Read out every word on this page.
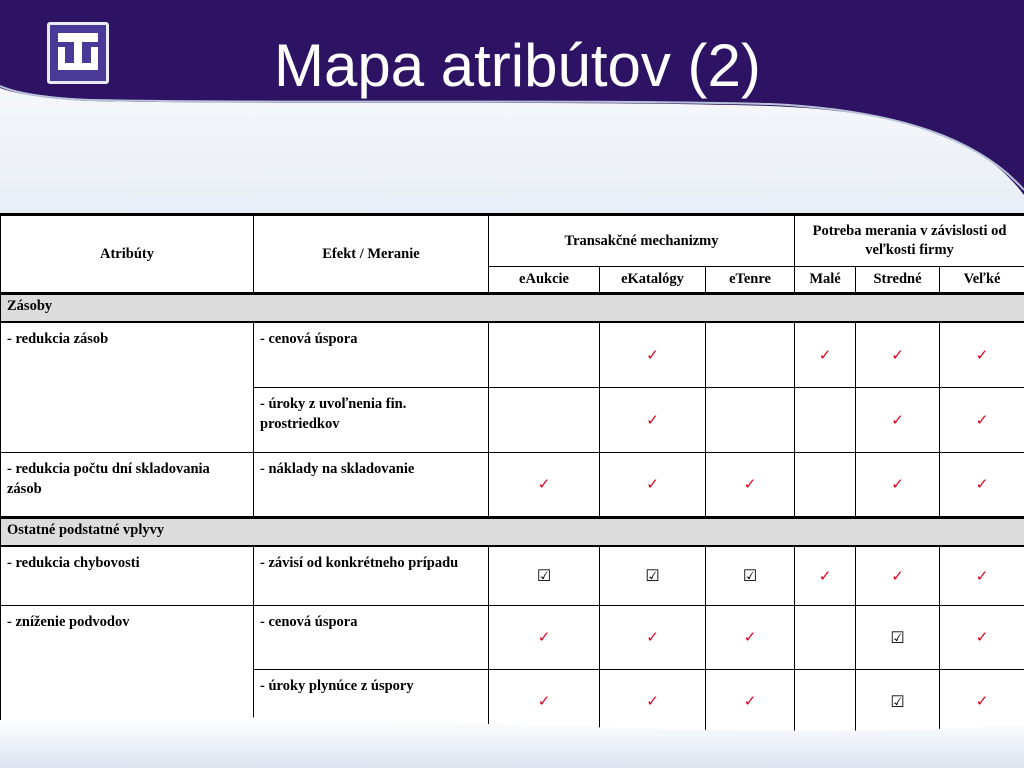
Mapa atribútov (2)
Atribúty	Efekt / Meranie	Transakčné mechanizmy			Potreba merania v závislosti od veľkosti firmy		
		eAukcie	eKatalógy	eTenre	Malé	Stredné	Veľké
Zásoby							
- redukcia zásob	- cenová úspora		✓		✓	✓	✓
	- úroky z uvoľnenia fin. prostriedkov		✓			✓	✓
- redukcia počtu dní skladovania zásob	- náklady na skladovanie	✓	✓	✓		✓	✓
Ostatné podstatné vplyvy							
- redukcia chybovosti	- závisí od konkrétneho prípadu	☑	☑	☑	✓	✓	✓
- zníženie podvodov	- cenová úspora	✓	✓	✓		☑	✓
	- úroky plynúce z úspory	✓	✓	✓		☑	✓
